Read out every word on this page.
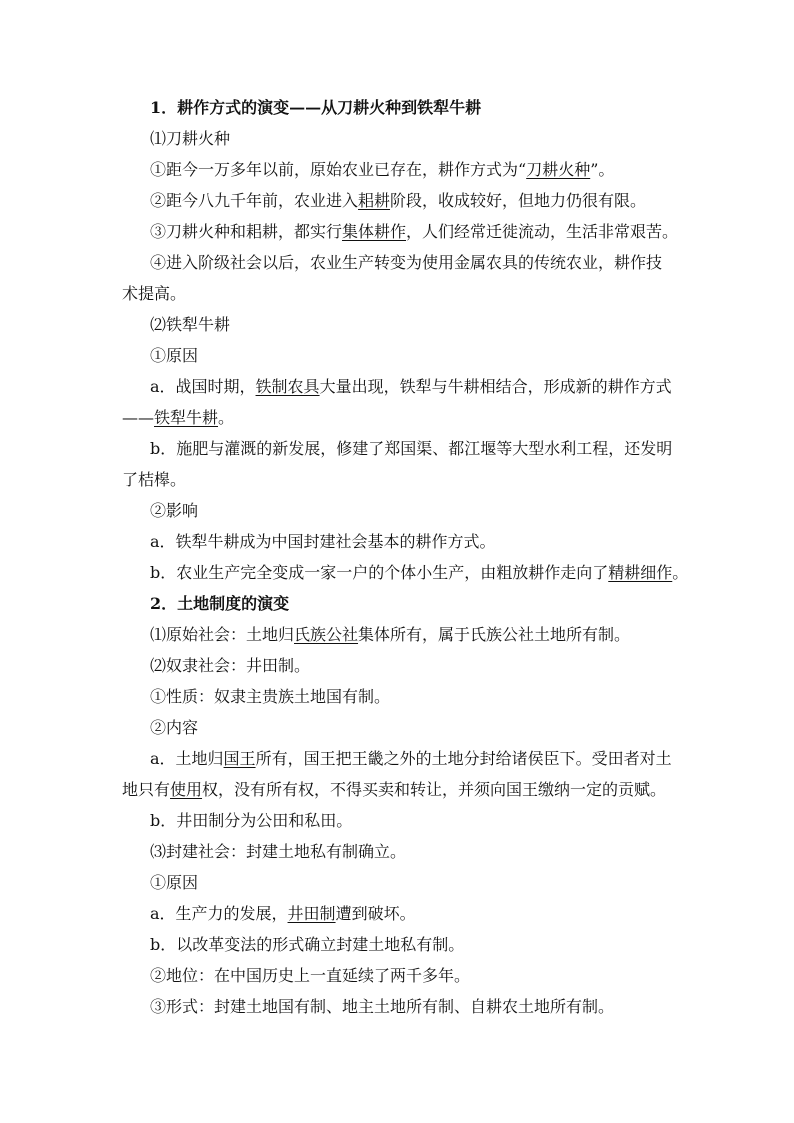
1．耕作方式的演变——从刀耕火种到铁犁牛耕
⑴刀耕火种
①距今一万多年以前，原始农业已存在，耕作方式为“刀耕火种”。
②距今八九千年前，农业进入耜耕阶段，收成较好，但地力仍很有限。
③刀耕火种和耜耕，都实行集体耕作，人们经常迁徙流动，生活非常艰苦。
④进入阶级社会以后，农业生产转变为使用金属农具的传统农业，耕作技
术提高。
⑵铁犁牛耕
①原因
a．战国时期，铁制农具大量出现，铁犁与牛耕相结合，形成新的耕作方式
——铁犁牛耕。
b．施肥与灌溉的新发展，修建了郑国渠、都江堰等大型水利工程，还发明
了桔槔。
②影响
a．铁犁牛耕成为中国封建社会基本的耕作方式。
b．农业生产完全变成一家一户的个体小生产，由粗放耕作走向了精耕细作。
2．土地制度的演变
⑴原始社会：土地归氏族公社集体所有，属于氏族公社土地所有制。
⑵奴隶社会：井田制。
①性质：奴隶主贵族土地国有制。
②内容
a．土地归国王所有，国王把王畿之外的土地分封给诸侯臣下。受田者对土
地只有使用权，没有所有权，不得买卖和转让，并须向国王缴纳一定的贡赋。
b．井田制分为公田和私田。
⑶封建社会：封建土地私有制确立。
①原因
a．生产力的发展，井田制遭到破坏。
b．以改革变法的形式确立封建土地私有制。
②地位：在中国历史上一直延续了两千多年。
③形式：封建土地国有制、地主土地所有制、自耕农土地所有制。
